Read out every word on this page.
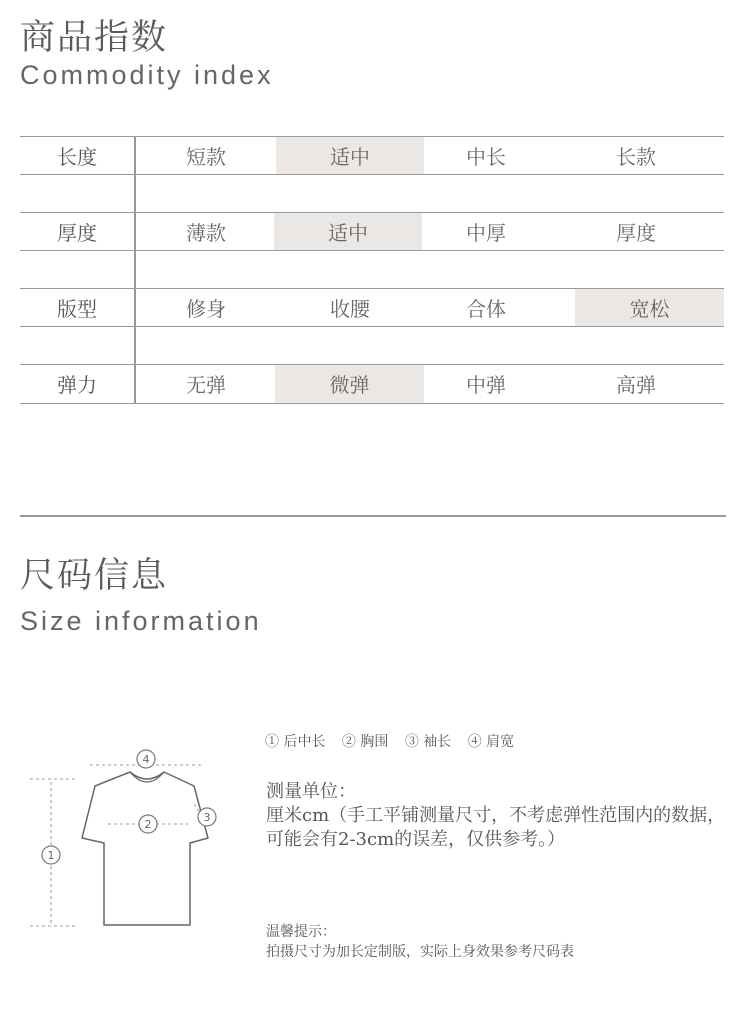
商品指数
Commodity index
长度	短款	适中	中长	长款
厚度	薄款	适中	中厚	厚度
版型	修身	收腰	合体	宽松
弹力	无弹	微弹	中弹	高弹
尺码信息
Size information
4
2
3
1
① 后中长 ② 胸围 ③ 袖长 ④ 肩宽
测量单位：
厘米cm（手工平铺测量尺寸，不考虑弹性范围内的数据，可能会有2-3cm的误差，仅供参考。）
温馨提示：
拍摄尺寸为加长定制版，实际上身效果参考尺码表
